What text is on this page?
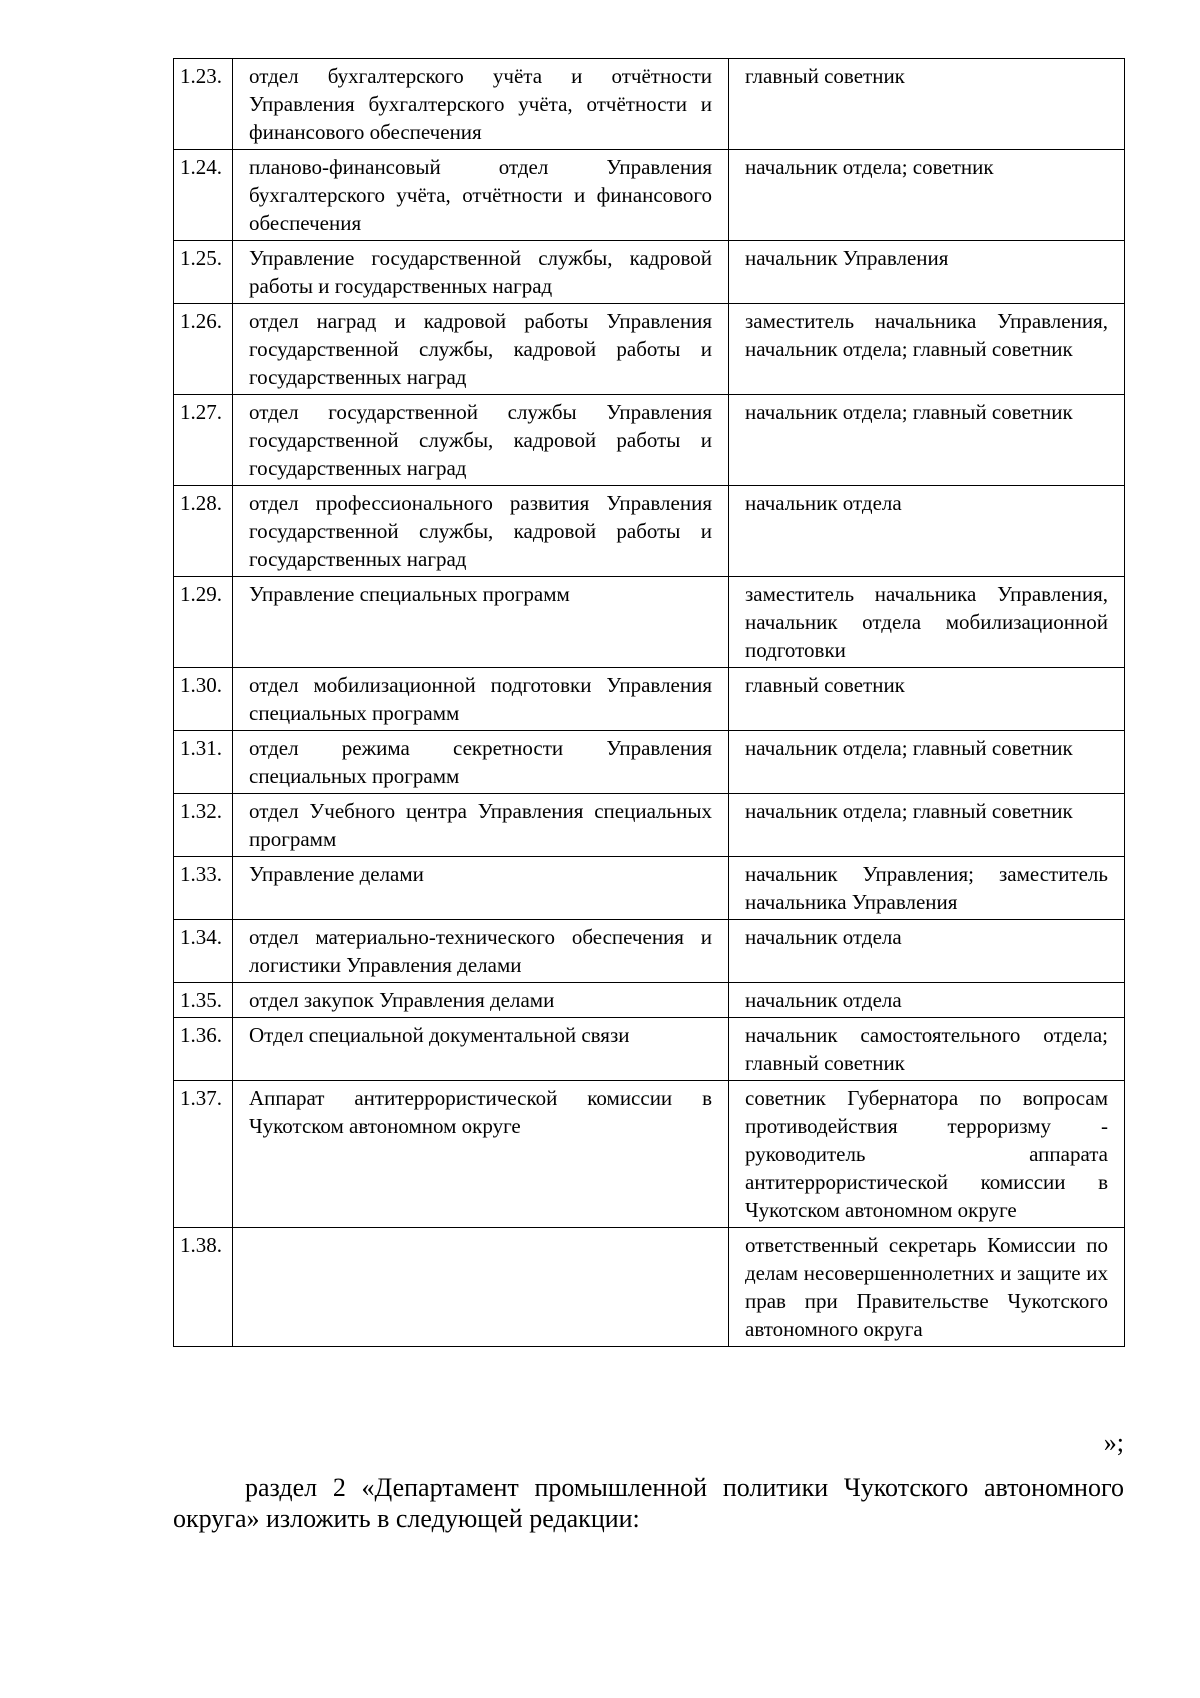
1.23.	отдел бухгалтерского учёта и отчётности Управления бухгалтерского учёта, отчётности и финансового обеспечения	главный советник
1.24.	планово-финансовый отдел Управления бухгалтерского учёта, отчётности и финансового обеспечения	начальник отдела; советник
1.25.	Управление государственной службы, кадровой работы и государственных наград	начальник Управления
1.26.	отдел наград и кадровой работы Управления государственной службы, кадровой работы и государственных наград	заместитель начальника Управления, начальник отдела; главный советник
1.27.	отдел государственной службы Управления государственной службы, кадровой работы и государственных наград	начальник отдела; главный советник
1.28.	отдел профессионального развития Управления государственной службы, кадровой работы и государственных наград	начальник отдела
1.29.	Управление специальных программ	заместитель начальника Управления, начальник отдела мобилизационной подготовки
1.30.	отдел мобилизационной подготовки Управления специальных программ	главный советник
1.31.	отдел режима секретности Управления специальных программ	начальник отдела; главный советник
1.32.	отдел Учебного центра Управления специальных программ	начальник отдела; главный советник
1.33.	Управление делами	начальник Управления; заместитель начальника Управления
1.34.	отдел материально-технического обеспечения и логистики Управления делами	начальник отдела
1.35.	отдел закупок Управления делами	начальник отдела
1.36.	Отдел специальной документальной связи	начальник самостоятельного отдела; главный советник
1.37.	Аппарат антитеррористической комиссии в Чукотском автономном округе	советник Губернатора по вопросам противодействия терроризму - руководитель аппарата антитеррористической комиссии в Чукотском автономном округе
1.38.		ответственный секретарь Комиссии по делам несовершеннолетних и защите их прав при Правительстве Чукотского автономного округа
»;

раздел 2 «Департамент промышленной политики Чукотского автономного округа» изложить в следующей редакции:
